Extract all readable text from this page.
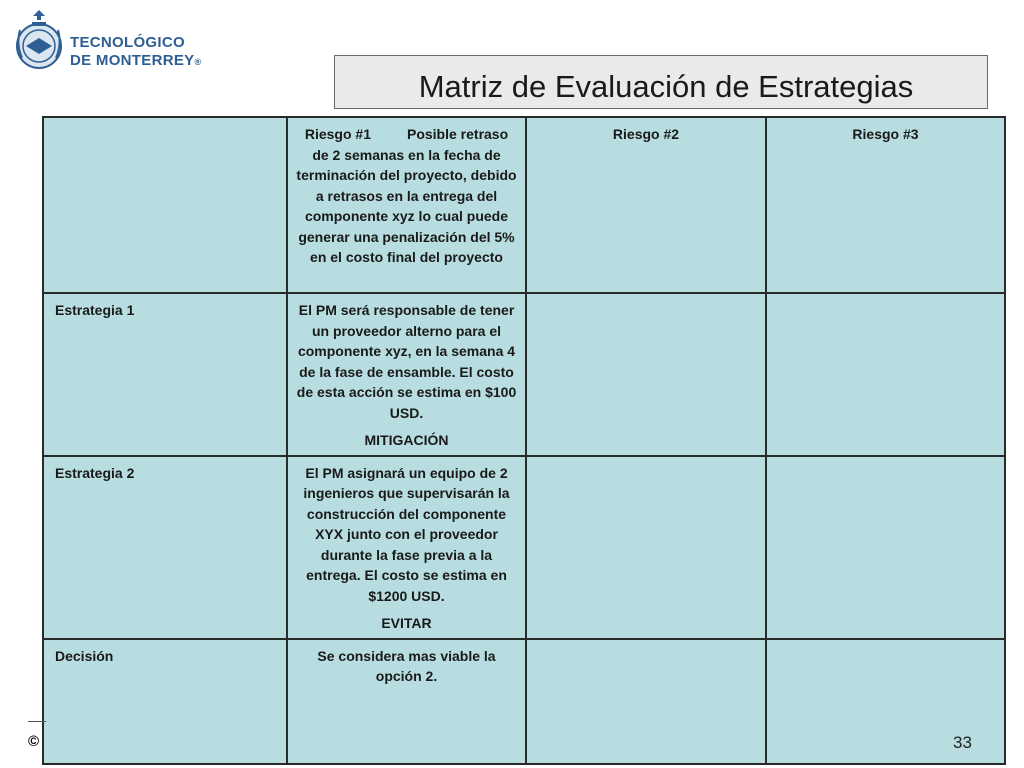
TECNOLÓGICO
DE MONTERREY®
Matriz de Evaluación de Estrategias

	Riesgo #1 Posible retraso de 2 semanas en la fecha de terminación del proyecto, debido a retrasos en la entrega del componente xyz lo cual puede generar una penalización del 5% en el costo final del proyecto	Riesgo #2	Riesgo #3
Estrategia 1	El PM será responsable de tener un proveedor alterno para el componente xyz, en la semana 4 de la fase de ensamble. El costo de esta acción se estima en $100 USD.

MITIGACIÓN		

Estrategia 2	El PM asignará un equipo de 2 ingenieros que supervisarán la construcción del componente XYX junto con el proveedor durante la fase previa a la entrega. El costo se estima en $1200 USD.

EVITAR		

Decisión	Se considera mas viable la opción 2.		

©	33
